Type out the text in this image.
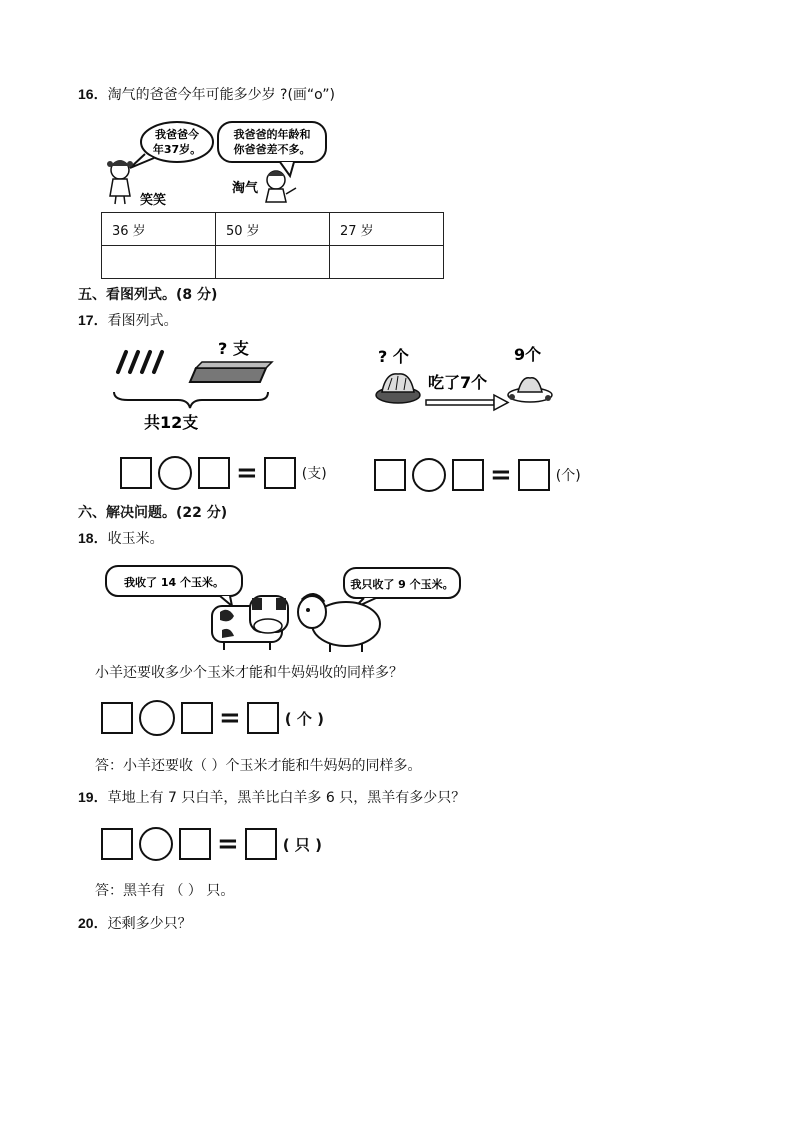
16．淘气的爸爸今年可能多少岁 ?(画“o”)
我爸爸今
年37岁。
我爸爸的年龄和
你爸爸差不多。
笑笑
淘气
36 岁	50 岁	27 岁

五、看图列式。(8 分)
17．看图列式。
? 支
共12支
? 个	9个
吃了7个
=	(支)	=	(个)
六、解决问题。(22 分)
18．收玉米。
我收了 14 个玉米。	我只收了 9 个玉米。
小羊还要收多少个玉米才能和牛妈妈收的同样多？
=	( 个 )
答：小羊还要收（ ）个玉米才能和牛妈妈的同样多。
19．草地上有 7 只白羊，黑羊比白羊多 6 只，黑羊有多少只？
=	( 只 )
答：黑羊有 （ ） 只。
20．还剩多少只？
